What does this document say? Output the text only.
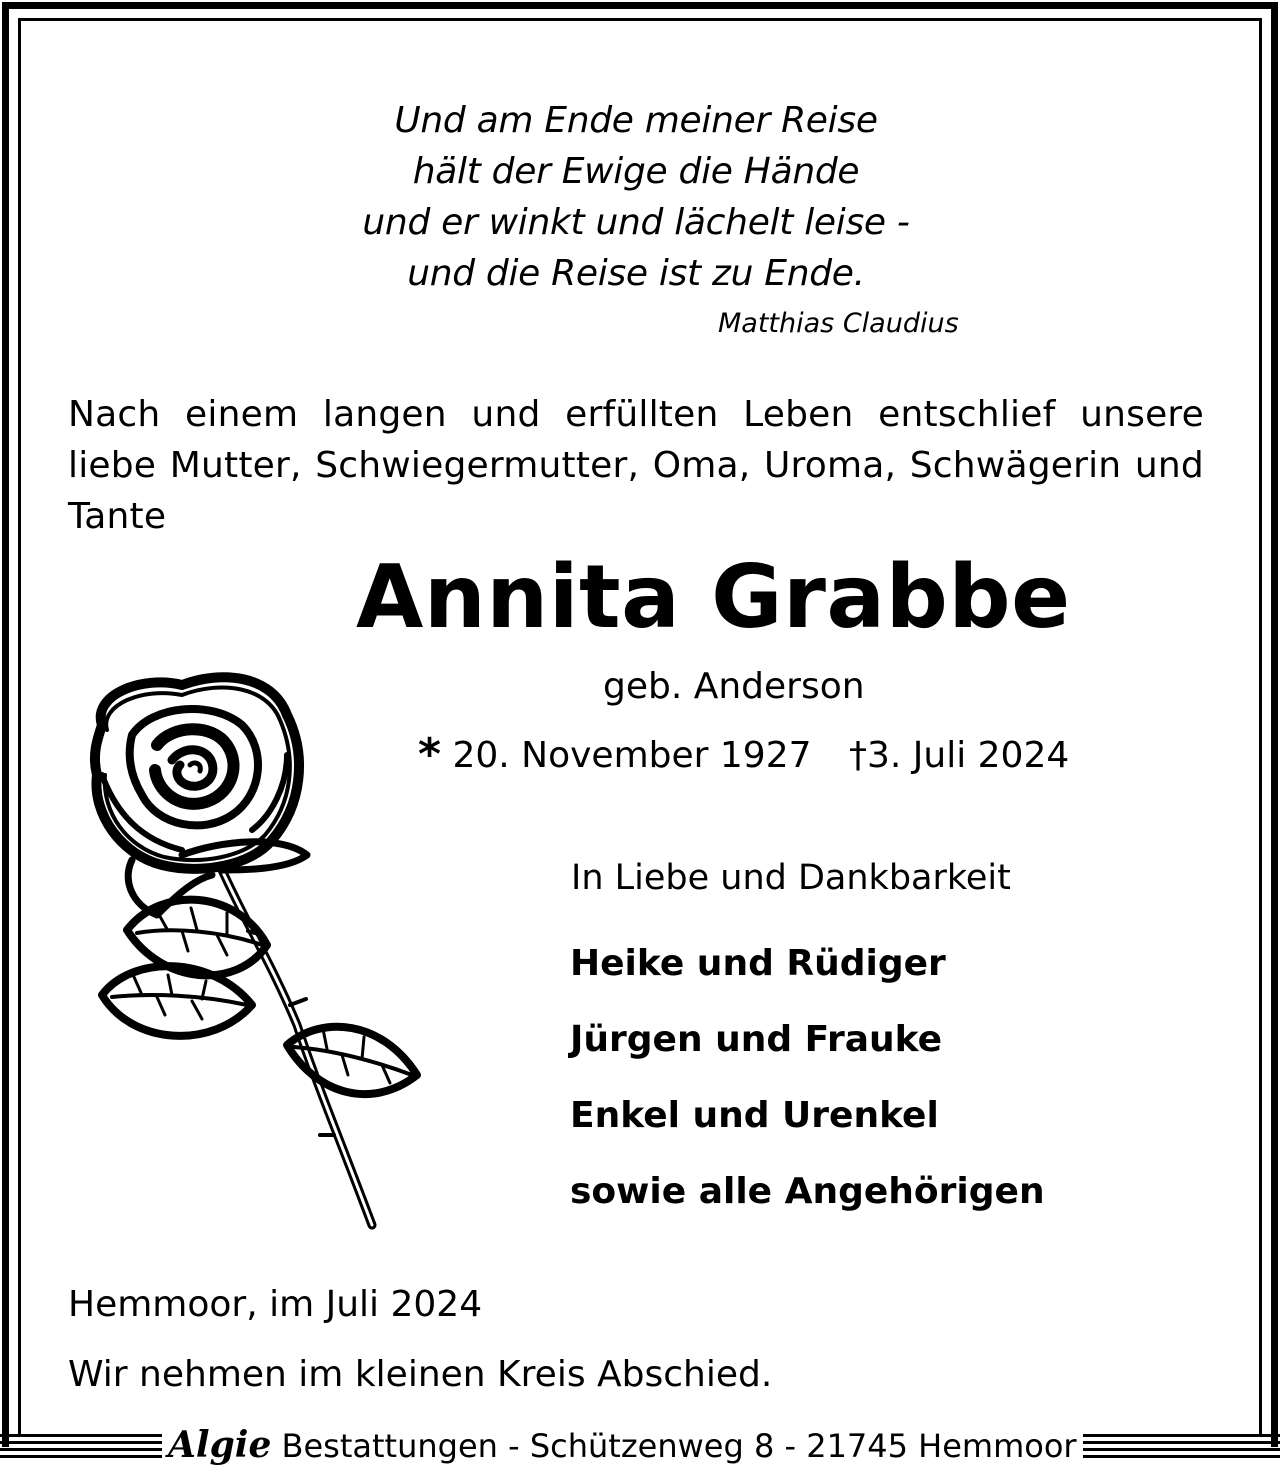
Und am Ende meiner Reise
hält der Ewige die Hände
und er winkt und lächelt leise -
und die Reise ist zu Ende.
Matthias Claudius
Nach einem langen und erfüllten Leben entschlief unsere liebe Mutter, Schwiegermutter, Oma, Uroma, Schwägerin und Tante
Annita Grabbe
geb. Anderson
* 20. November 1927 †3. Juli 2024
In Liebe und Dankbarkeit
Heike und Rüdiger
Jürgen und Frauke
Enkel und Urenkel
sowie alle Angehörigen
Hemmoor, im Juli 2024
Wir nehmen im kleinen Kreis Abschied.
Algie Bestattungen - Schützenweg 8 - 21745 Hemmoor
